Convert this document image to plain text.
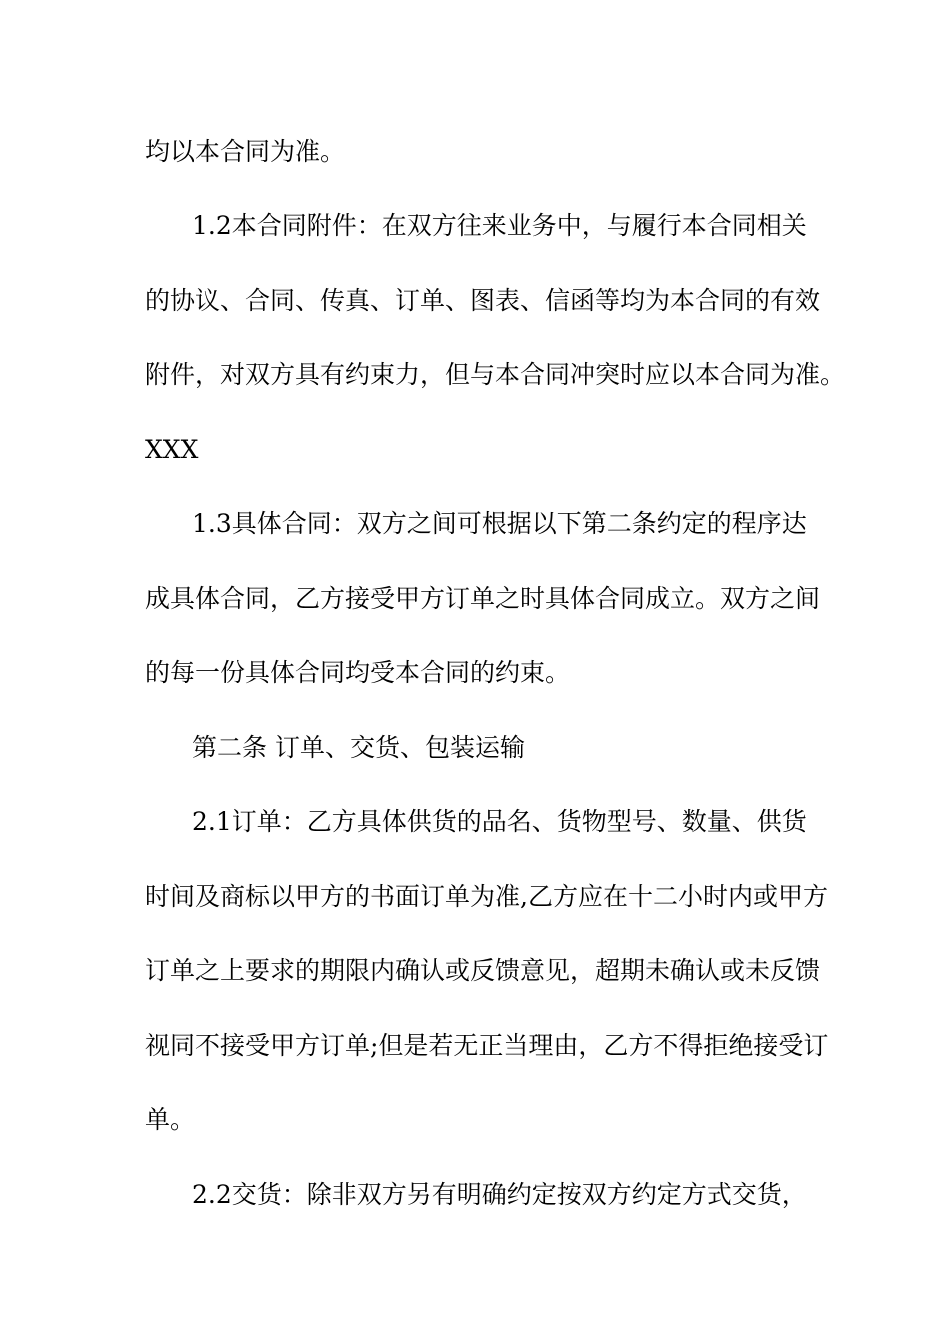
均以本合同为准。

1.2本合同附件：在双方往来业务中，与履行本合同相关

的协议、合同、传真、订单、图表、信函等均为本合同的有效

附件，对双方具有约束力，但与本合同冲突时应以本合同为准。

XXX

1.3具体合同：双方之间可根据以下第二条约定的程序达

成具体合同，乙方接受甲方订单之时具体合同成立。双方之间

的每一份具体合同均受本合同的约束。

第二条 订单、交货、包装运输

2.1订单：乙方具体供货的品名、货物型号、数量、供货

时间及商标以甲方的书面订单为准,乙方应在十二小时内或甲方

订单之上要求的期限内确认或反馈意见，超期未确认或未反馈

视同不接受甲方订单;但是若无正当理由，乙方不得拒绝接受订

单。

2.2交货：除非双方另有明确约定按双方约定方式交货，
